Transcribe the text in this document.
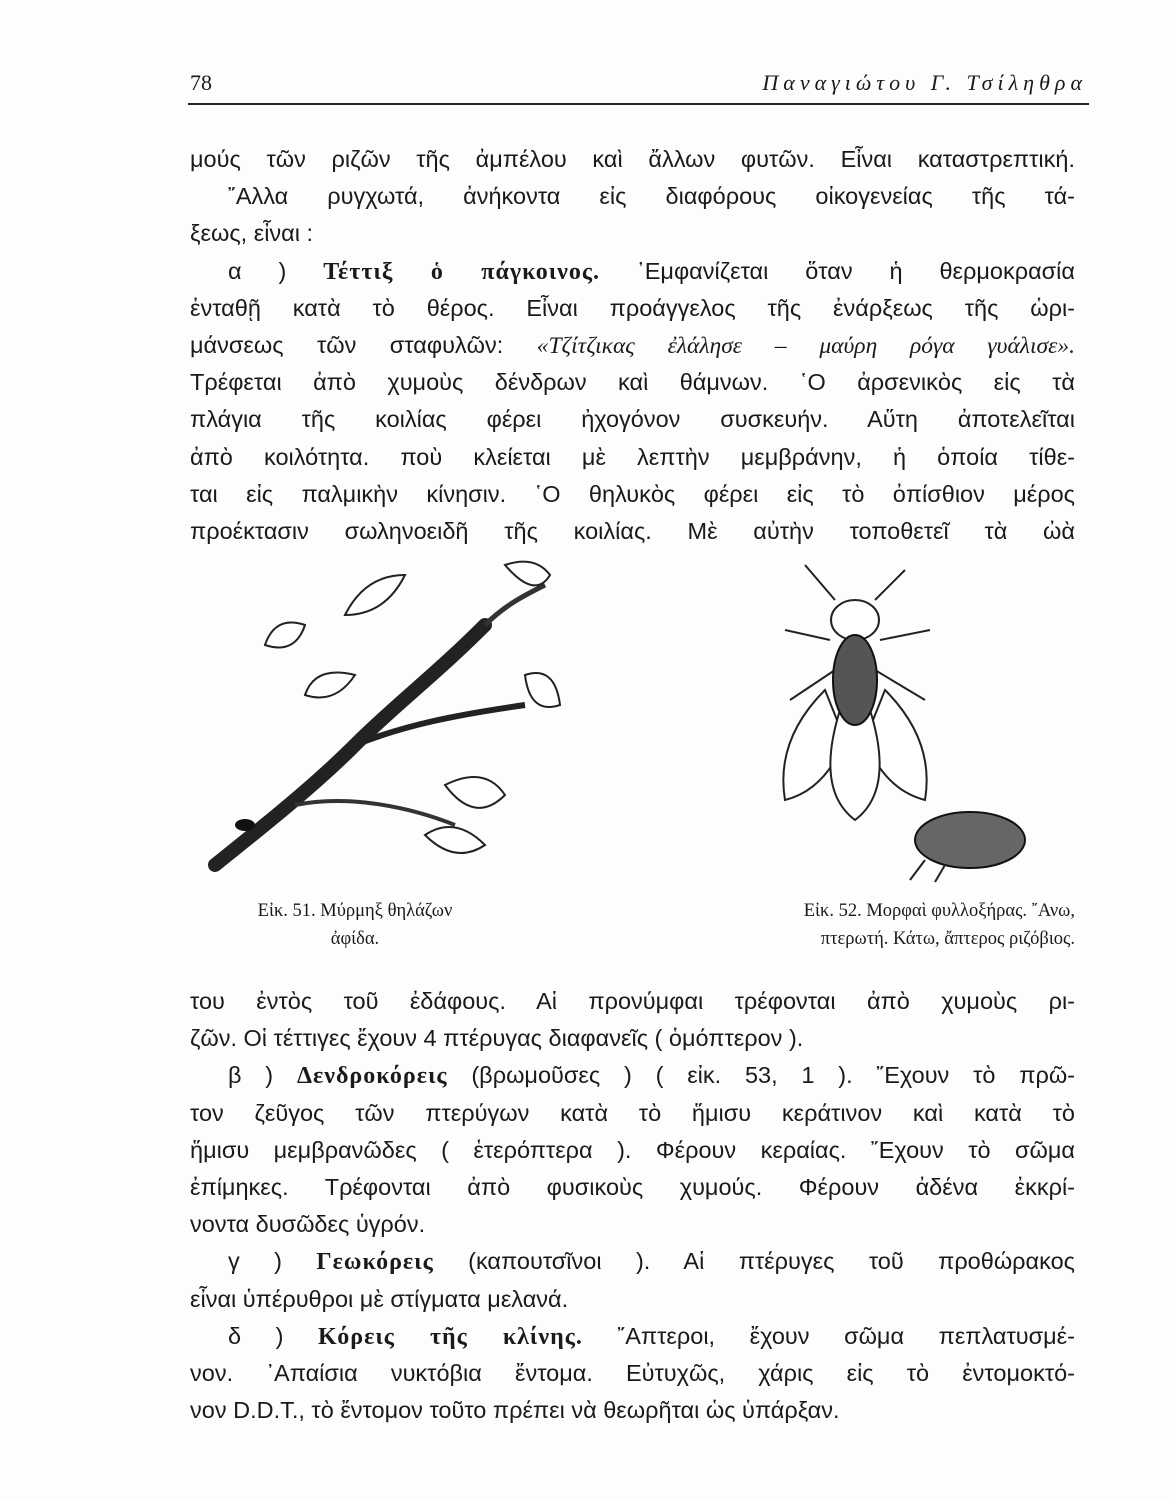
78	Παναγιώτου Γ. Τσίληθρα
μούς τῶν ριζῶν τῆς ἀμπέλου καὶ ἄλλων φυτῶν. Εἶναι καταστρεπτική.
῎Αλλα ρυγχωτά, ἀνήκοντα εἰς διαφόρους οἰκογενείας τῆς τά-
ξεως, εἶναι :
α ) Τέττιξ ὁ πάγκοινος. ᾿Εμφανίζεται ὅταν ἡ θερμοκρασία
ἐνταθῇ κατὰ τὸ θέρος. Εἶναι προάγγελος τῆς ἐνάρξεως τῆς ὡρι-
μάνσεως τῶν σταφυλῶν: «Τζίτζικας ἐλάλησε – μαύρη ρόγα γυάλισε».
Τρέφεται ἀπὸ χυμοὺς δένδρων καὶ θάμνων. ῾Ο ἀρσενικὸς εἰς τὰ
πλάγια τῆς κοιλίας φέρει ἠχογόνον συσκευήν. Αὕτη ἀποτελεῖται
ἀπὸ κοιλότητα. ποὺ κλείεται μὲ λεπτὴν μεμβράνην, ἡ ὁποία τίθε-
ται εἰς παλμικὴν κίνησιν. ῾Ο θηλυκὸς φέρει εἰς τὸ ὀπίσθιον μέρος
προέκτασιν σωληνοειδῆ τῆς κοιλίας. Μὲ αὐτὴν τοποθετεῖ τὰ ὠὰ
Εἰκ. 51. Μύρμηξ θηλάζων
ἀφίδα.
Εἰκ. 52. Μορφαὶ φυλλοξήρας. ῎Ανω,
πτερωτή. Κάτω, ἄπτερος ριζόβιος.
του ἐντὸς τοῦ ἐδάφους. Αἱ προνύμφαι τρέφονται ἀπὸ χυμοὺς ρι-
ζῶν. Οἱ τέττιγες ἔχουν 4 πτέρυγας διαφανεῖς ( ὁμόπτερον ).
β ) Δενδροκόρεις (βρωμοῦσες ) ( εἰκ. 53, 1 ). ῎Εχουν τὸ πρῶ-
τον ζεῦγος τῶν πτερύγων κατὰ τὸ ἥμισυ κεράτινον καὶ κατὰ τὸ
ἥμισυ μεμβρανῶδες ( ἑτερόπτερα ). Φέρουν κεραίας. ῎Εχουν τὸ σῶμα
ἐπίμηκες. Τρέφονται ἀπὸ φυσικοὺς χυμούς. Φέρουν ἀδένα ἐκκρί-
νοντα δυσῶδες ὑγρόν.
γ ) Γεωκόρεις (καπουτσῖνοι ). Αἱ πτέρυγες τοῦ προθώρακος
εἶναι ὑπέρυθροι μὲ στίγματα μελανά.
δ ) Κόρεις τῆς κλίνης. ῎Απτεροι, ἔχουν σῶμα πεπλατυσμέ-
νον. ᾿Απαίσια νυκτόβια ἔντομα. Εὐτυχῶς, χάρις εἰς τὸ ἐντομοκτό-
νον D.D.T., τὸ ἔντομον τοῦτο πρέπει νὰ θεωρῆται ὡς ὑπάρξαν.
